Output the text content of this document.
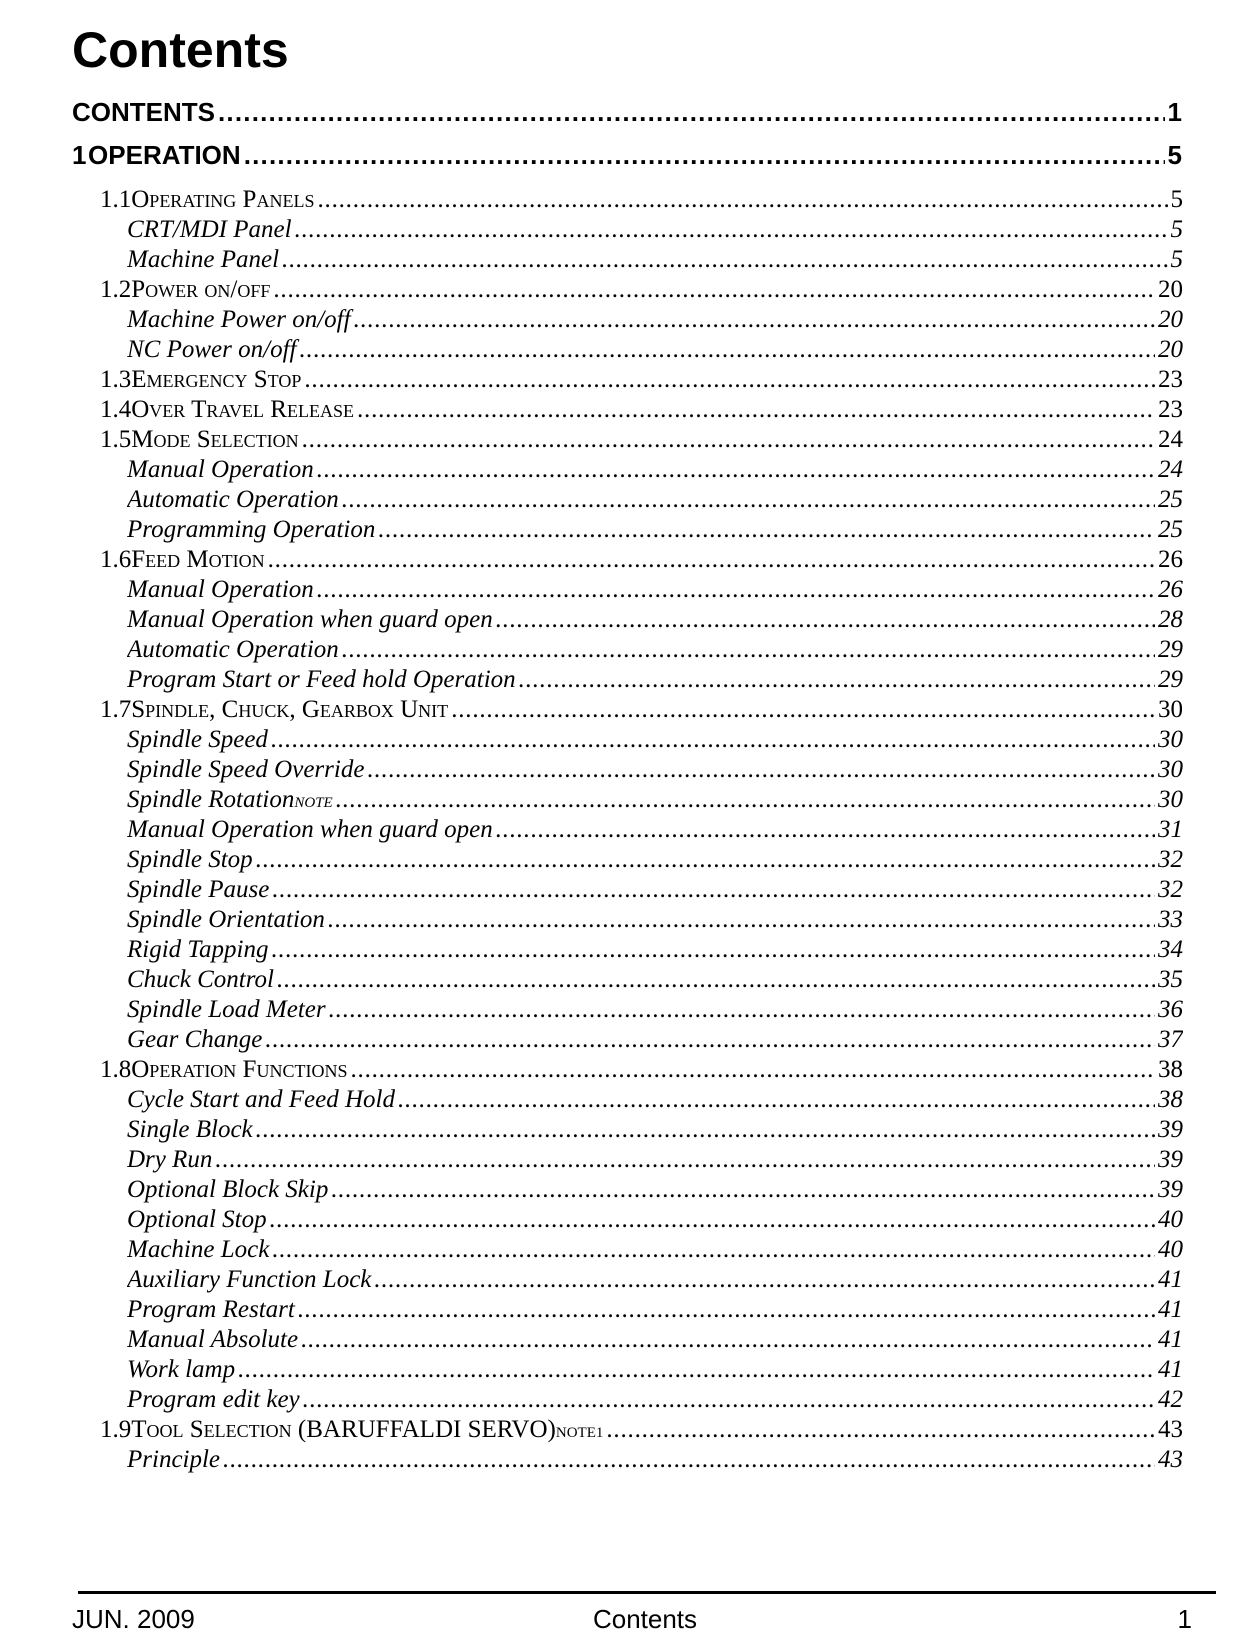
Contents
CONTENTS .....	1
1 OPERATION .....	5
1.1 Operating Panels .....	5
CRT/MDI Panel .....	5
Machine Panel .....	5
1.2 Power on/off .....	20
Machine Power on/off .....	20
NC Power on/off .....	20
1.3 Emergency Stop .....	23
1.4 Over Travel Release .....	23
1.5 Mode Selection .....	24
Manual Operation .....	24
Automatic Operation .....	25
Programming Operation .....	25
1.6 Feed Motion .....	26
Manual Operation .....	26
Manual Operation when guard open .....	28
Automatic Operation .....	29
Program Start or Feed hold Operation .....	29
1.7 Spindle, Chuck, Gearbox Unit .....	30
Spindle Speed .....	30
Spindle Speed Override .....	30
Spindle Rotation NOTE .....	30
Manual Operation when guard open .....	31
Spindle Stop .....	32
Spindle Pause .....	32
Spindle Orientation .....	33
Rigid Tapping .....	34
Chuck Control .....	35
Spindle Load Meter .....	36
Gear Change .....	37
1.8 Operation Functions .....	38
Cycle Start and Feed Hold .....	38
Single Block .....	39
Dry Run .....	39
Optional Block Skip .....	39
Optional Stop .....	40
Machine Lock .....	40
Auxiliary Function Lock .....	41
Program Restart .....	41
Manual Absolute .....	41
Work lamp .....	41
Program edit key .....	42
1.9 Tool Selection (BARUFFALDI SERVO) NOTE1 .....	43
Principle .....	43
JUN. 2009	Contents	1
